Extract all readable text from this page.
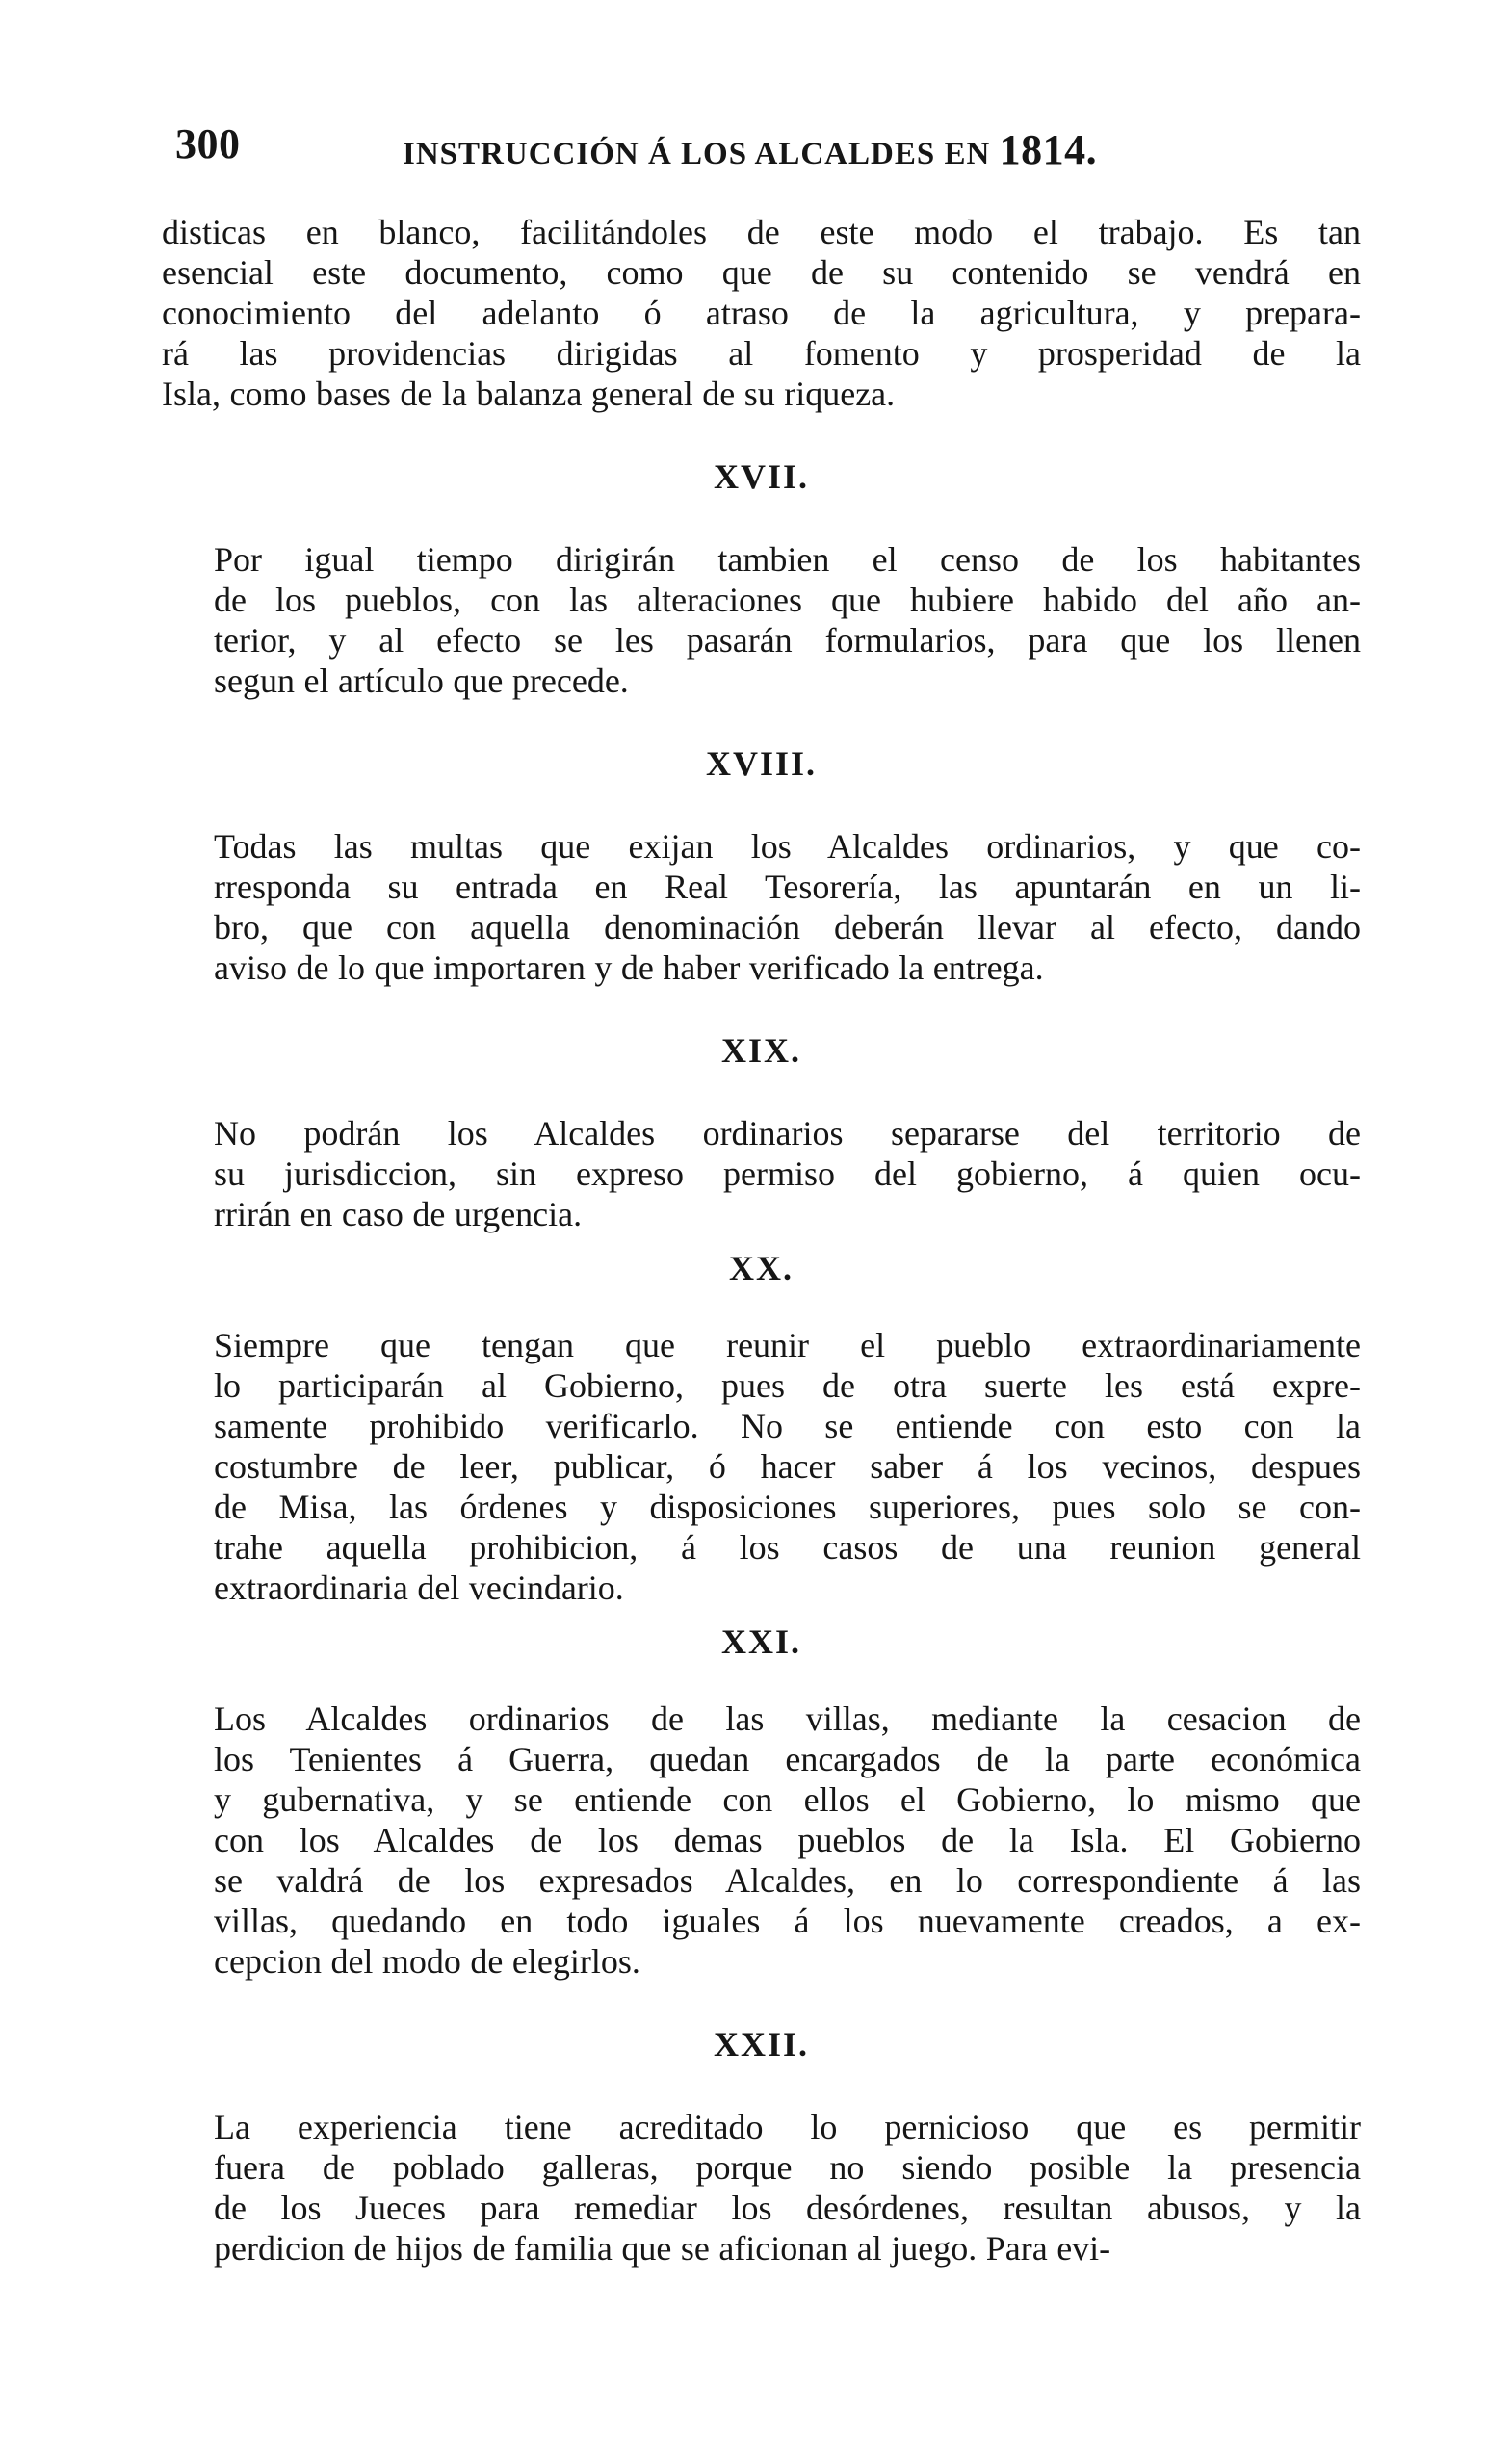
300	INSTRUCCIÓN Á LOS ALCALDES EN 1814.

disticas en blanco, facilitándoles de este modo el trabajo. Es tan
esencial este documento, como que de su contenido se vendrá en
conocimiento del adelanto ó atraso de la agricultura, y prepara-
rá las providencias dirigidas al fomento y prosperidad de la
Isla, como bases de la balanza general de su riqueza.

XVII.

Por igual tiempo dirigirán tambien el censo de los habitantes
de los pueblos, con las alteraciones que hubiere habido del año an-
terior, y al efecto se les pasarán formularios, para que los llenen
segun el artículo que precede.

XVIII.

Todas las multas que exijan los Alcaldes ordinarios, y que co-
rresponda su entrada en Real Tesorería, las apuntarán en un li-
bro, que con aquella denominación deberán llevar al efecto, dando
aviso de lo que importaren y de haber verificado la entrega.

XIX.

No podrán los Alcaldes ordinarios separarse del territorio de
su jurisdiccion, sin expreso permiso del gobierno, á quien ocu-
rrirán en caso de urgencia.

XX.

Siempre que tengan que reunir el pueblo extraordinariamente
lo participarán al Gobierno, pues de otra suerte les está expre-
samente prohibido verificarlo. No se entiende con esto con la
costumbre de leer, publicar, ó hacer saber á los vecinos, despues
de Misa, las órdenes y disposiciones superiores, pues solo se con-
trahe aquella prohibicion, á los casos de una reunion general
extraordinaria del vecindario.

XXI.

Los Alcaldes ordinarios de las villas, mediante la cesacion de
los Tenientes á Guerra, quedan encargados de la parte económica
y gubernativa, y se entiende con ellos el Gobierno, lo mismo que
con los Alcaldes de los demas pueblos de la Isla. El Gobierno
se valdrá de los expresados Alcaldes, en lo correspondiente á las
villas, quedando en todo iguales á los nuevamente creados, a ex-
cepcion del modo de elegirlos.

XXII.

La experiencia tiene acreditado lo pernicioso que es permitir
fuera de poblado galleras, porque no siendo posible la presencia
de los Jueces para remediar los desórdenes, resultan abusos, y la
perdicion de hijos de familia que se aficionan al juego. Para evi-
